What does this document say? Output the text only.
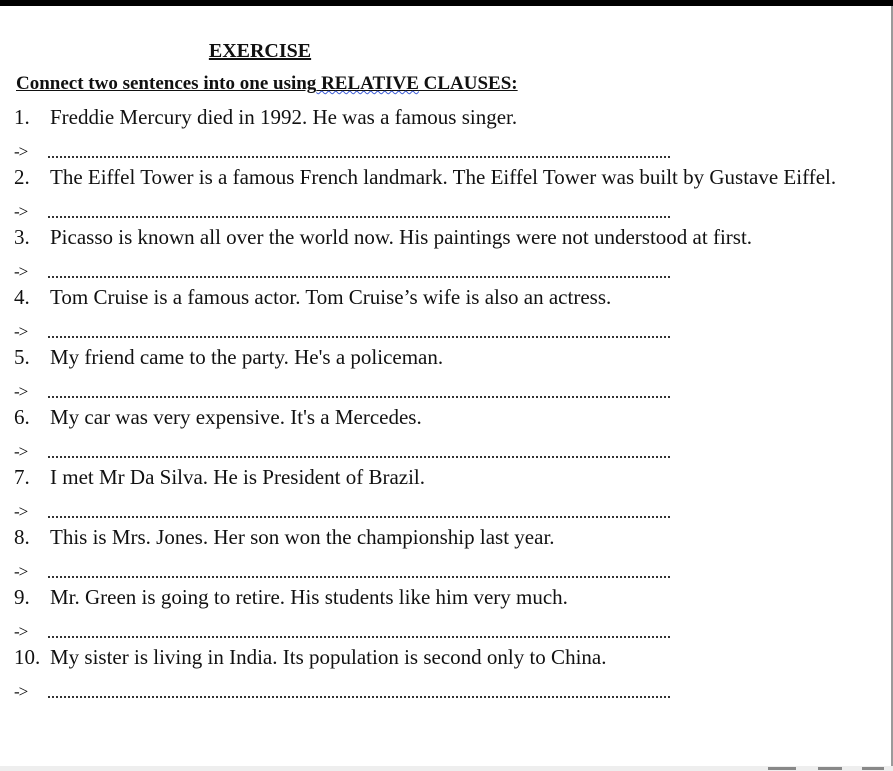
EXERCISE
Connect two sentences into one using RELATIVE CLAUSES:
1. Freddie Mercury died in 1992. He was a famous singer.
->
2. The Eiffel Tower is a famous French landmark. The Eiffel Tower was built by Gustave Eiffel.
->
3. Picasso is known all over the world now. His paintings were not understood at first.
->
4. Tom Cruise is a famous actor. Tom Cruise’s wife is also an actress.
->
5. My friend came to the party. He's a policeman.
->
6. My car was very expensive. It's a Mercedes.
->
7. I met Mr Da Silva. He is President of Brazil.
->
8. This is Mrs. Jones. Her son won the championship last year.
->
9. Mr. Green is going to retire. His students like him very much.
->
10. My sister is living in India. Its population is second only to China.
->
